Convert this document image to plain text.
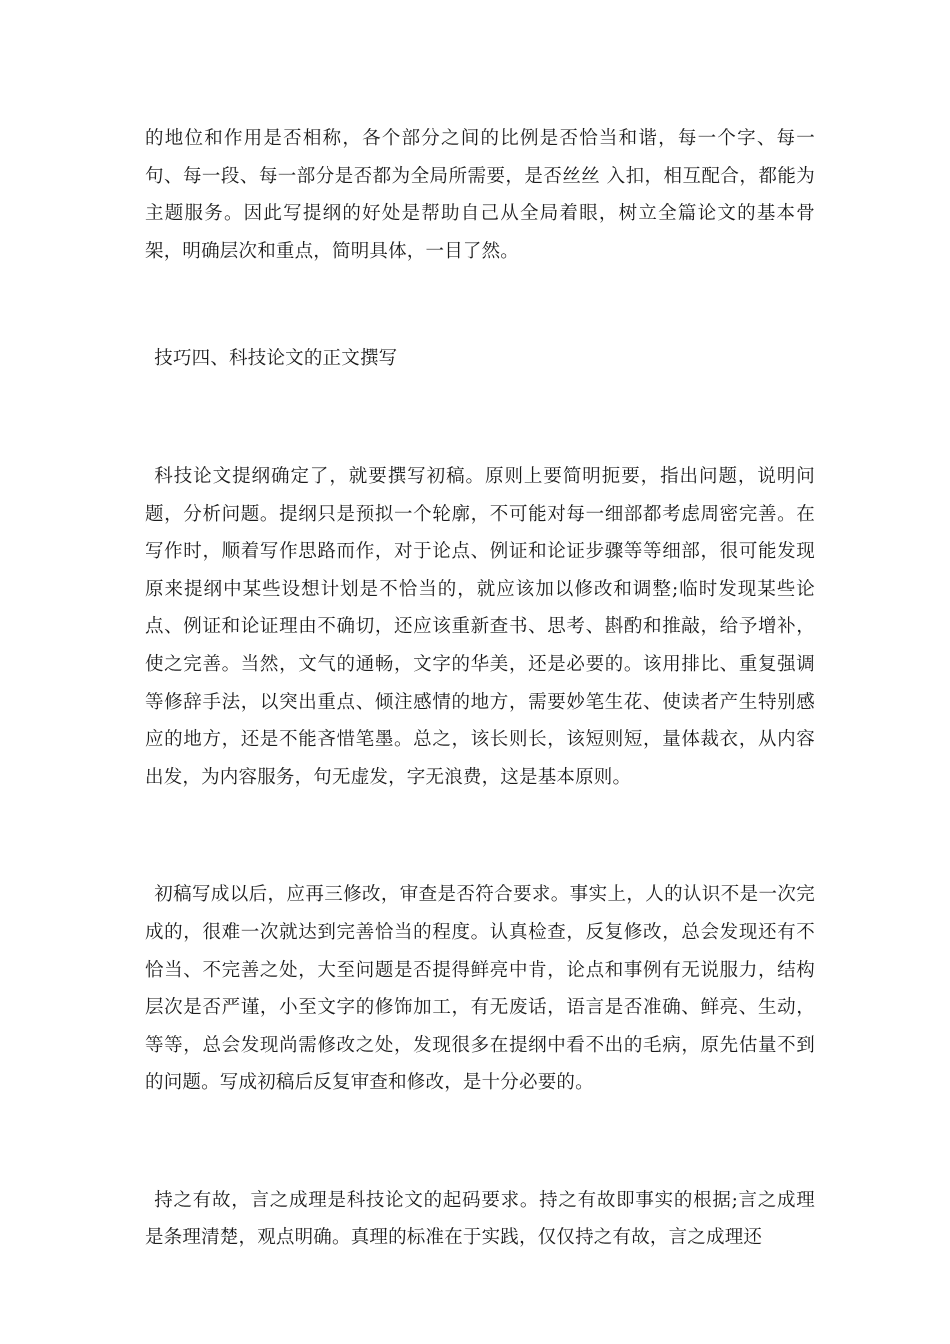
的地位和作用是否相称，各个部分之间的比例是否恰当和谐，每一个字、每一句、每一段、每一部分是否都为全局所需要，是否丝丝 入扣，相互配合，都能为主题服务。因此写提纲的好处是帮助自己从全局着眼，树立全篇论文的基本骨架，明确层次和重点，简明具体，一目了然。

技巧四、科技论文的正文撰写

科技论文提纲确定了，就要撰写初稿。原则上要简明扼要，指出问题，说明问题，分析问题。提纲只是预拟一个轮廓，不可能对每一细部都考虑周密完善。在写作时，顺着写作思路而作，对于论点、例证和论证步骤等等细部，很可能发现原来提纲中某些设想计划是不恰当的，就应该加以修改和调整;临时发现某些论点、例证和论证理由不确切，还应该重新查书、思考、斟酌和推敲，给予增补，使之完善。当然，文气的通畅，文字的华美，还是必要的。该用排比、重复强调等修辞手法，以突出重点、倾注感情的地方，需要妙笔生花、使读者产生特别感应的地方，还是不能吝惜笔墨。总之，该长则长，该短则短，量体裁衣，从内容出发，为内容服务，句无虚发，字无浪费，这是基本原则。

初稿写成以后，应再三修改，审查是否符合要求。事实上，人的认识不是一次完成的，很难一次就达到完善恰当的程度。认真检查，反复修改，总会发现还有不恰当、不完善之处，大至问题是否提得鲜亮中肯，论点和事例有无说服力，结构层次是否严谨，小至文字的修饰加工，有无废话，语言是否准确、鲜亮、生动，等等，总会发现尚需修改之处，发现很多在提纲中看不出的毛病，原先估量不到的问题。写成初稿后反复审查和修改，是十分必要的。

持之有故，言之成理是科技论文的起码要求。持之有故即事实的根据;言之成理是条理清楚，观点明确。真理的标准在于实践，仅仅持之有故，言之成理还
